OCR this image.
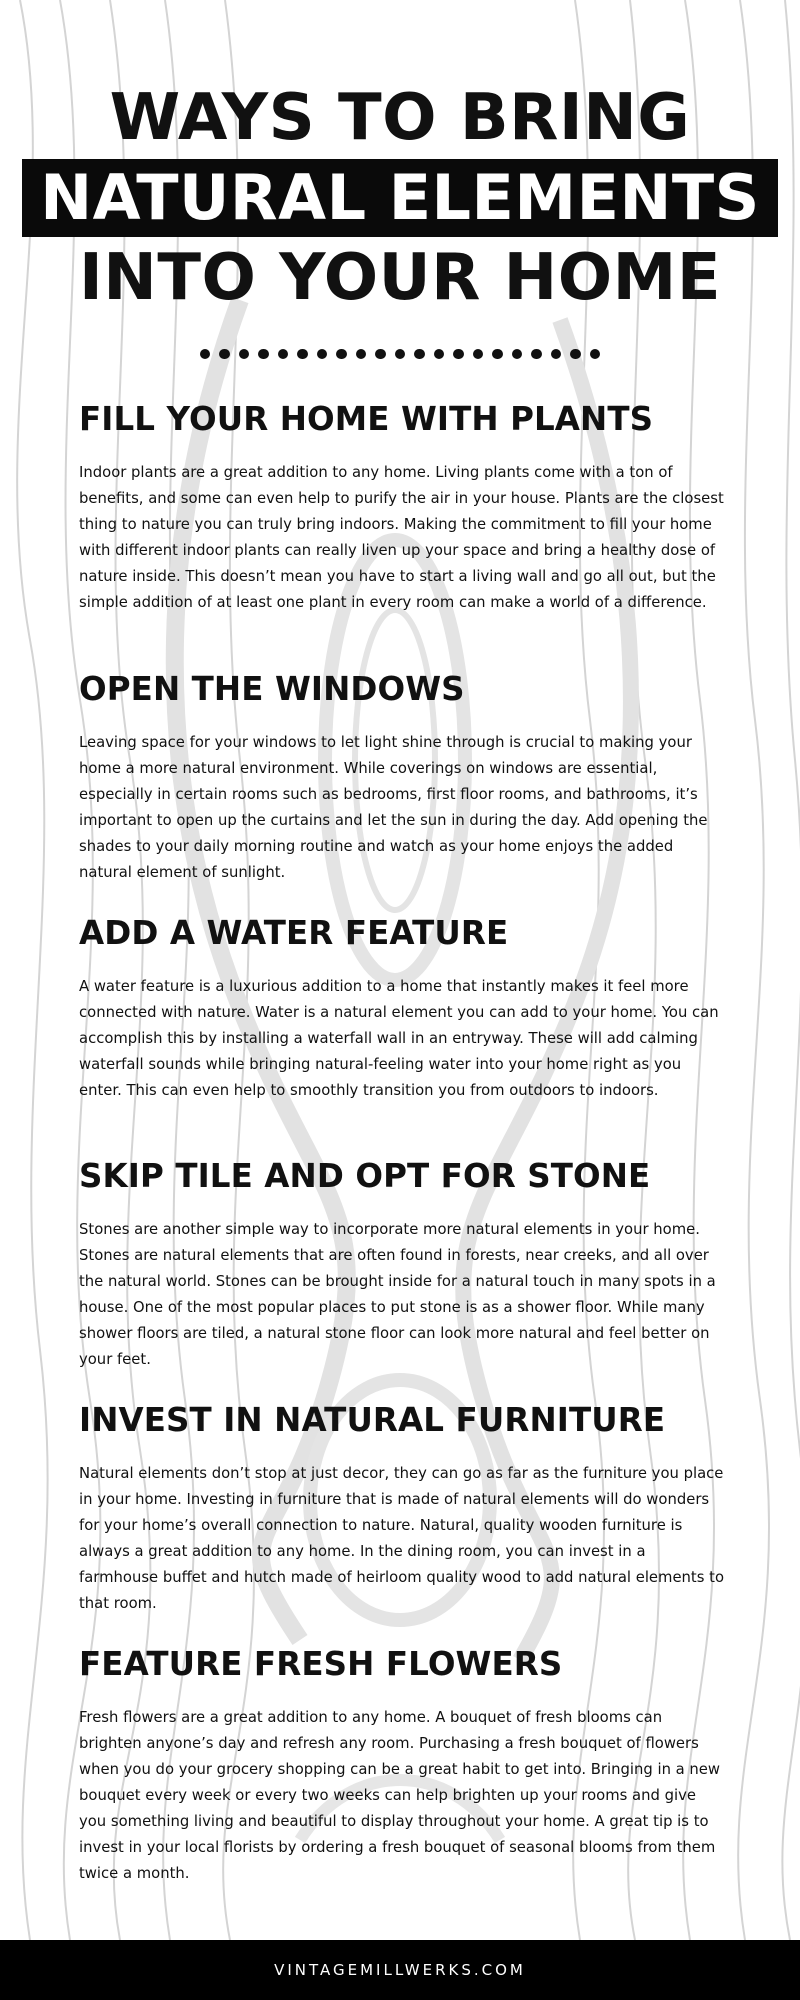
WAYS TO BRING
NATURAL ELEMENTS
INTO YOUR HOME
FILL YOUR HOME WITH PLANTS

Indoor plants are a great addition to any home. Living plants come with a ton of benefits, and some can even help to purify the air in your house. Plants are the closest thing to nature you can truly bring indoors. Making the commitment to fill your home with different indoor plants can really liven up your space and bring a healthy dose of nature inside. This doesn’t mean you have to start a living wall and go all out, but the simple addition of at least one plant in every room can make a world of a difference.

OPEN THE WINDOWS

Leaving space for your windows to let light shine through is crucial to making your home a more natural environment. While coverings on windows are essential, especially in certain rooms such as bedrooms, first floor rooms, and bathrooms, it’s important to open up the curtains and let the sun in during the day. Add opening the shades to your daily morning routine and watch as your home enjoys the added natural element of sunlight.

ADD A WATER FEATURE

A water feature is a luxurious addition to a home that instantly makes it feel more connected with nature. Water is a natural element you can add to your home. You can accomplish this by installing a waterfall wall in an entryway. These will add calming waterfall sounds while bringing natural-feeling water into your home right as you enter. This can even help to smoothly transition you from outdoors to indoors.

SKIP TILE AND OPT FOR STONE

Stones are another simple way to incorporate more natural elements in your home. Stones are natural elements that are often found in forests, near creeks, and all over the natural world. Stones can be brought inside for a natural touch in many spots in a house. One of the most popular places to put stone is as a shower floor. While many shower floors are tiled, a natural stone floor can look more natural and feel better on your feet.

INVEST IN NATURAL FURNITURE

Natural elements don’t stop at just decor, they can go as far as the furniture you place in your home. Investing in furniture that is made of natural elements will do wonders for your home’s overall connection to nature. Natural, quality wooden furniture is always a great addition to any home. In the dining room, you can invest in a farmhouse buffet and hutch made of heirloom quality wood to add natural elements to that room.

FEATURE FRESH FLOWERS

Fresh flowers are a great addition to any home. A bouquet of fresh blooms can brighten anyone’s day and refresh any room. Purchasing a fresh bouquet of flowers when you do your grocery shopping can be a great habit to get into. Bringing in a new bouquet every week or every two weeks can help brighten up your rooms and give you something living and beautiful to display throughout your home. A great tip is to invest in your local florists by ordering a fresh bouquet of seasonal blooms from them twice a month.

VINTAGEMILLWERKS.COM
